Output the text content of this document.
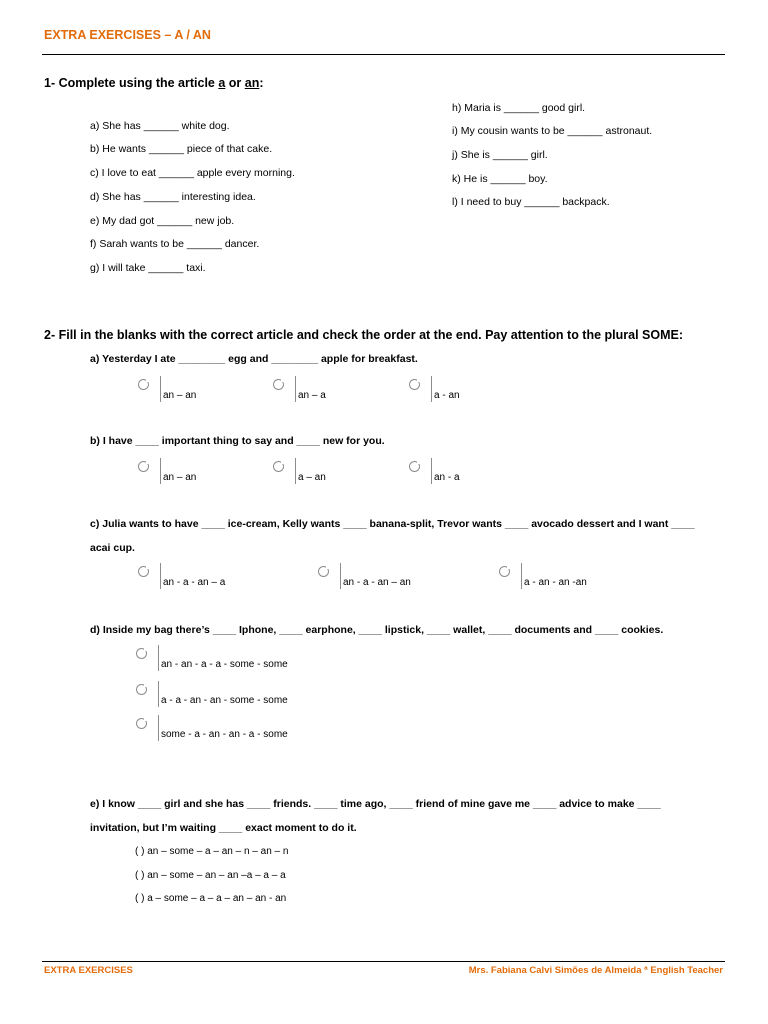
EXTRA EXERCISES – A / AN
1- Complete using the article a or an:
a) She has ______ white dog.
b) He wants ______ piece of that cake.
c) I love to eat ______ apple every morning.
d) She has ______ interesting idea.
e) My dad got ______ new job.
f) Sarah wants to be ______ dancer.
g) I will take ______ taxi.
h) Maria is ______ good girl.
i) My cousin wants to be ______ astronaut.
j) She is ______ girl.
k) He is ______ boy.
l) I need to buy ______ backpack.
2- Fill in the blanks with the correct article and check the order at the end. Pay attention to the plural SOME:
a) Yesterday I ate ________ egg and ________ apple for breakfast.
an – an	an – a	a - an
b) I have ____ important thing to say and ____ new for you.
an – an	a – an	an - a
c) Julia wants to have ____ ice-cream, Kelly wants ____ banana-split, Trevor wants ____ avocado dessert and I want ____
acai cup.
an - a - an – a	an - a - an – an	a - an - an -an
d) Inside my bag there’s ____ Iphone, ____ earphone, ____ lipstick, ____ wallet, ____ documents and ____ cookies.
an - an - a - a - some - some
a - a - an - an - some - some
some - a - an - an - a - some
e) I know ____ girl and she has ____ friends. ____ time ago, ____ friend of mine gave me ____ advice to make ____
invitation, but I’m waiting ____ exact moment to do it.
( ) an – some – a – an – n – an – n
( ) an – some – an – an –a – a – a
( ) a – some – a – a – an – an - an
EXTRA EXERCISES	Mrs. Fabiana Calvi Simões de Almeida ª English Teacher
